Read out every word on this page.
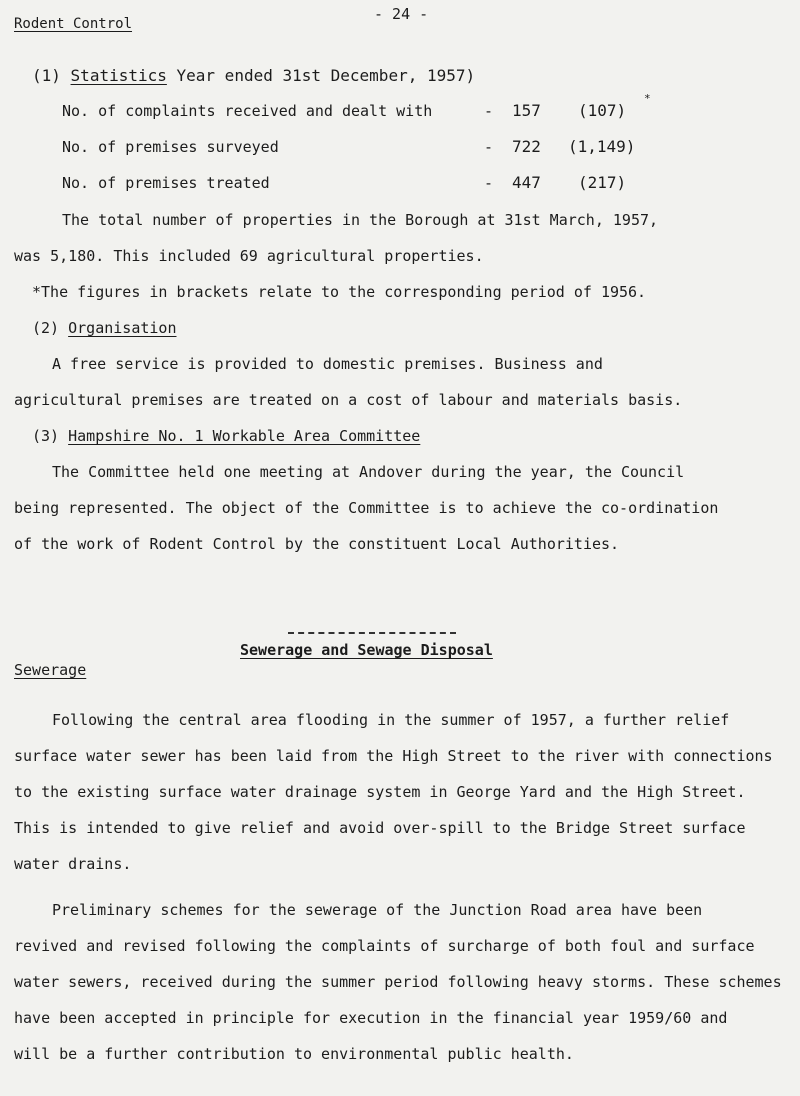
- 24 -
Rodent Control
(1) Statistics Year ended 31st December, 1957)
No. of complaints received and dealt with	- 157 (107)
*
No. of premises surveyed	- 722 (1,149)
No. of premises treated	- 447 (217)
The total number of properties in the Borough at 31st March, 1957,
was 5,180. This included 69 agricultural properties.
*The figures in brackets relate to the corresponding period of 1956.
(2) Organisation
A free service is provided to domestic premises. Business and
agricultural premises are treated on a cost of labour and materials basis.
(3) Hampshire No. 1 Workable Area Committee
The Committee held one meeting at Andover during the year, the Council
being represented. The object of the Committee is to achieve the co-ordination
of the work of Rodent Control by the constituent Local Authorities.
Sewerage and Sewage Disposal
Sewerage
Following the central area flooding in the summer of 1957, a further relief
surface water sewer has been laid from the High Street to the river with connections
to the existing surface water drainage system in George Yard and the High Street.
This is intended to give relief and avoid over-spill to the Bridge Street surface
water drains.
Preliminary schemes for the sewerage of the Junction Road area have been
revived and revised following the complaints of surcharge of both foul and surface
water sewers, received during the summer period following heavy storms. These schemes
have been accepted in principle for execution in the financial year 1959/60 and
will be a further contribution to environmental public health.
